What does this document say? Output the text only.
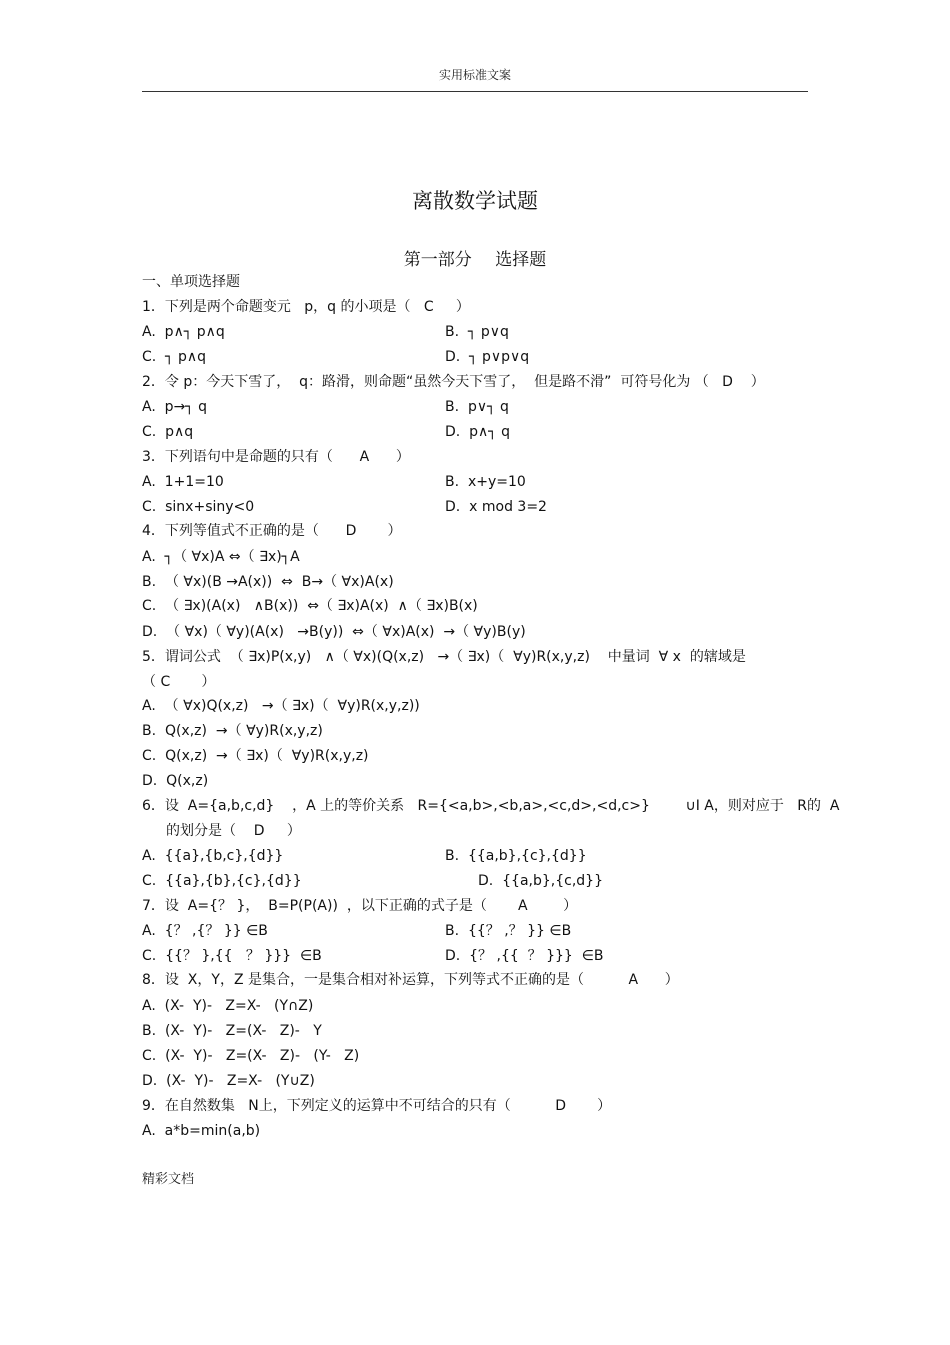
实用标准文案
离散数学试题
第一部分 选择题
一、单项选择题
1．下列是两个命题变元   p，q 的小项是（   C     ）
A.  p∧┐ p∧q	B.  ┐ p∨q
C.  ┐ p∧q	D.  ┐ p∨p∨q
2．令 p：今天下雪了，  q：路滑，则命题“虽然今天下雪了，  但是路不滑”  可符号化为 （   D    ）
A.  p→┐ q	B.  p∨┐ q
C.  p∧q	D.  p∧┐ q
3．下列语句中是命题的只有（      A      ）
A.  1+1=10	B.  x+y=10
C.  sinx+siny<0	D.  x mod 3=2
4．下列等值式不正确的是（      D       ）
A.  ┐（ ∀x)A ⇔（ ∃x)┐A
B.  （ ∀x)(B →A(x))  ⇔  B→（ ∀x)A(x)
C.  （ ∃x)(A(x)   ∧B(x))  ⇔（ ∃x)A(x)  ∧（ ∃x)B(x)
D.  （ ∀x)（ ∀y)(A(x)   →B(y))  ⇔（ ∀x)A(x)  →（ ∀y)B(y)
5．谓词公式  （ ∃x)P(x,y)   ∧（ ∀x)(Q(x,z)   →（ ∃x)（  ∀y)R(x,y,z)    中量词  ∀ x  的辖域是
（ C       ）
A.  （ ∀x)Q(x,z)   →（ ∃x)（  ∀y)R(x,y,z))
B.  Q(x,z)  →（ ∀y)R(x,y,z)
C.  Q(x,z)  →（ ∃x)（  ∀y)R(x,y,z)
D.  Q(x,z)
6．设  A={a,b,c,d}    ，A 上的等价关系   R={<a,b>,<b,a>,<c,d>,<d,c>}        ∪I A，则对应于   R的  A
的划分是（    D     ）
A.  {{a},{b,c},{d}}	B.  {{a,b},{c},{d}}
C.  {{a},{b},{c},{d}}	D.  {{a,b},{c,d}}
7．设  A={？ }，  B=P(P(A))  ，以下正确的式子是（       A        ）
A.  {？ ,{？ }} ∈B	B.  {{？ ,？ }} ∈B
C.  {{？ },{{   ？ }}}  ∈B	D.  {？ ,{{  ？ }}}  ∈B
8．设  X，Y，Z 是集合，一是集合相对补运算，下列等式不正确的是（          A      ）
A.  (X-  Y)-   Z=X-   (Y∩Z)
B.  (X-  Y)-   Z=(X-   Z)-   Y
C.  (X-  Y)-   Z=(X-   Z)-   (Y-   Z)
D.  (X-  Y)-   Z=X-   (Y∪Z)
9．在自然数集   N上，下列定义的运算中不可结合的只有（          D       ）
A.  a*b=min(a,b)
精彩文档
